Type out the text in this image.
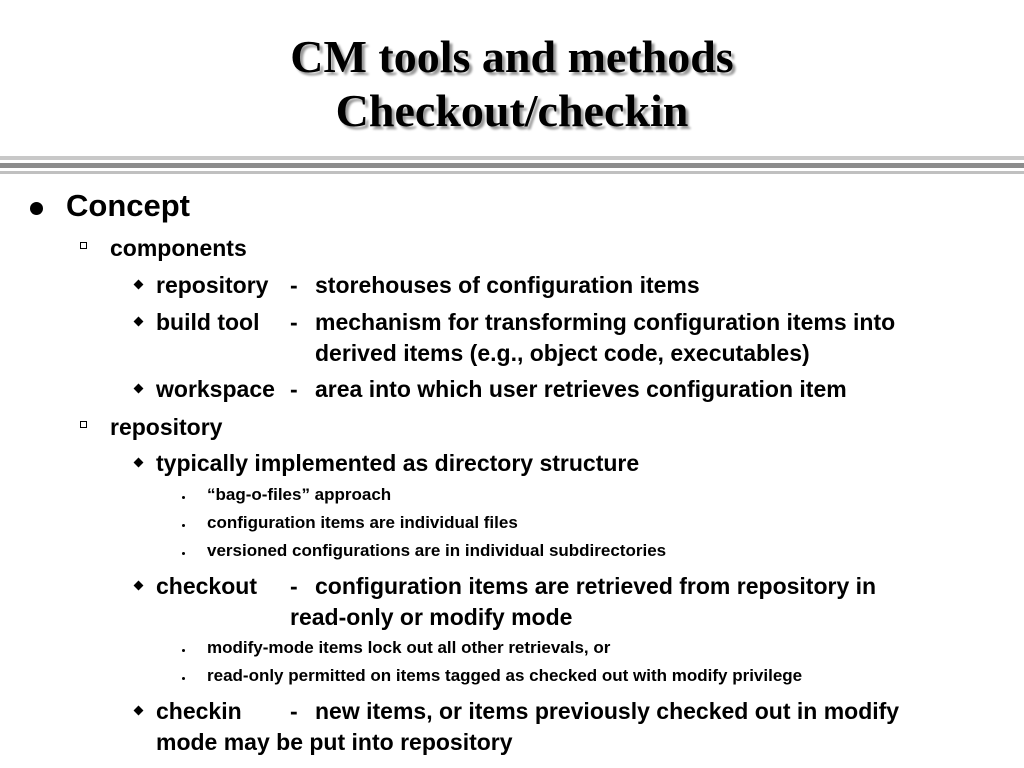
CM tools and methods
Checkout/checkin
Concept
components
repository - storehouses of configuration items
build tool - mechanism for transforming configuration items into
derived items (e.g., object code, executables)
workspace - area into which user retrieves configuration item
repository
typically implemented as directory structure
“bag-o-files” approach
configuration items are individual files
versioned configurations are in individual subdirectories
checkout - configuration items are retrieved from repository in
read-only or modify mode
modify-mode items lock out all other retrievals, or
read-only permitted on items tagged as checked out with modify privilege
checkin - new items, or items previously checked out in modify
mode may be put into repository
